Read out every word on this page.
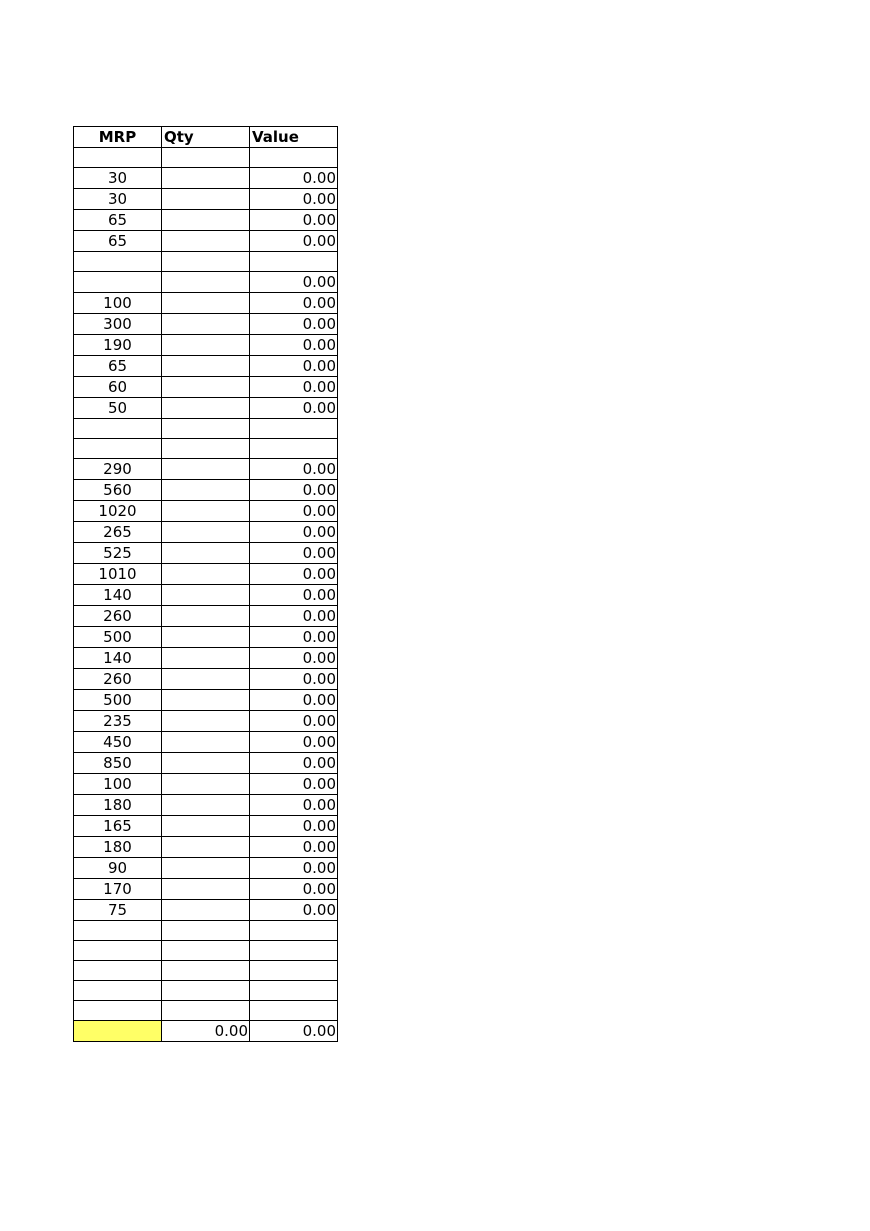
MRP	Qty	Value

30		0.00
30		0.00
65		0.00
65		0.00

		0.00
100		0.00
300		0.00
190		0.00
65		0.00
60		0.00
50		0.00

290		0.00
560		0.00
1020		0.00
265		0.00
525		0.00
1010		0.00
140		0.00
260		0.00
500		0.00
140		0.00
260		0.00
500		0.00
235		0.00
450		0.00
850		0.00
100		0.00
180		0.00
165		0.00
180		0.00
90		0.00
170		0.00
75		0.00

	0.00	0.00
